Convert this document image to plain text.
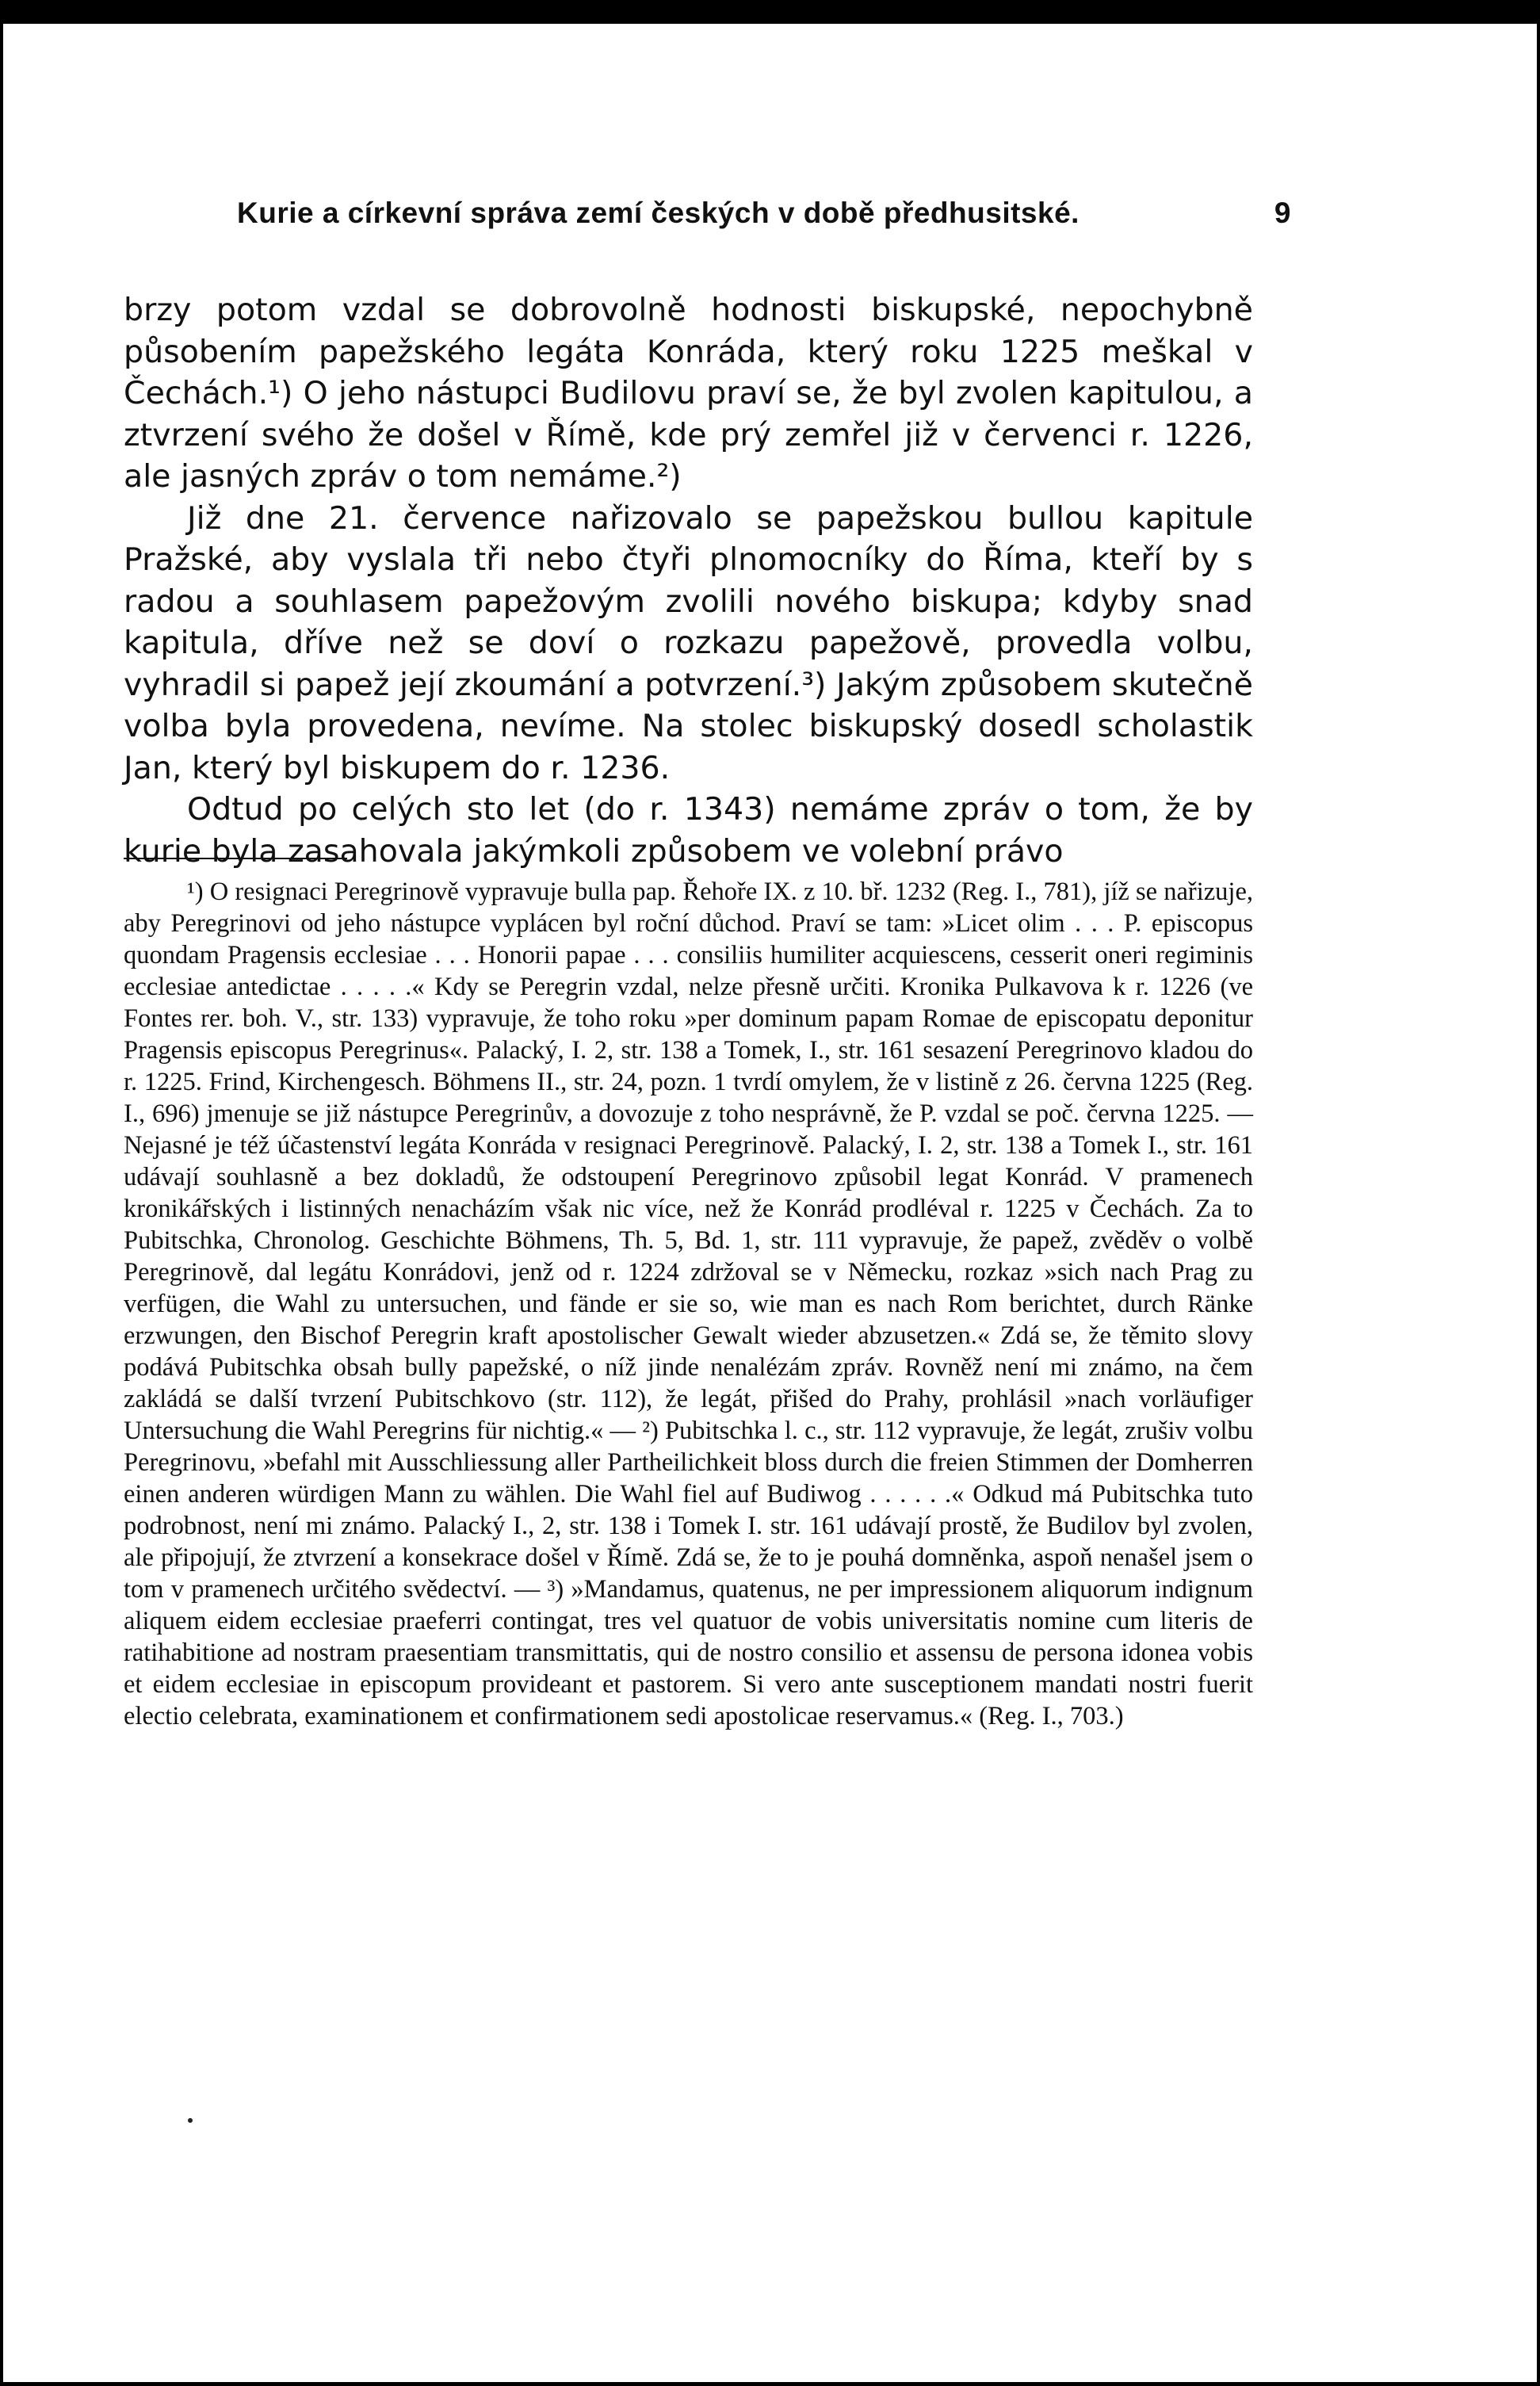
Kurie a církevní správa zemí českých v době předhusitské.	9

brzy potom vzdal se dobrovolně hodnosti biskupské, nepochybně působením papežského legáta Konráda, který roku 1225 meškal v Čechách.¹) O jeho nástupci Budilovu praví se, že byl zvolen kapitulou, a ztvrzení svého že došel v Římě, kde prý zemřel již v červenci r. 1226, ale jasných zpráv o tom nemáme.²)

Již dne 21. července nařizovalo se papežskou bullou kapitule Pražské, aby vyslala tři nebo čtyři plnomocníky do Říma, kteří by s radou a souhlasem papežovým zvolili nového biskupa; kdyby snad kapitula, dříve než se doví o rozkazu papežově, provedla volbu, vyhradil si papež její zkoumání a potvrzení.³) Jakým způsobem skutečně volba byla provedena, nevíme. Na stolec biskupský dosedl scholastik Jan, který byl biskupem do r. 1236.

Odtud po celých sto let (do r. 1343) nemáme zpráv o tom, že by kurie byla zasahovala jakýmkoli způsobem ve volební právo

¹) O resignaci Peregrinově vypravuje bulla pap. Řehoře IX. z 10. bř. 1232 (Reg. I., 781), jíž se nařizuje, aby Peregrinovi od jeho nástupce vyplácen byl roční důchod. Praví se tam: »Licet olim . . . P. episcopus quondam Pragensis ecclesiae . . . Honorii papae . . . consiliis humiliter acquiescens, cesserit oneri regiminis ecclesiae antedictae . . . . .« Kdy se Peregrin vzdal, nelze přesně určiti. Kronika Pulkavova k r. 1226 (ve Fontes rer. boh. V., str. 133) vypravuje, že toho roku »per dominum papam Romae de episcopatu deponitur Pragensis episcopus Peregrinus«. Palacký, I. 2, str. 138 a Tomek, I., str. 161 sesazení Peregrinovo kladou do r. 1225. Frind, Kirchengesch. Böhmens II., str. 24, pozn. 1 tvrdí omylem, že v listině z 26. června 1225 (Reg. I., 696) jmenuje se již nástupce Peregrinův, a dovozuje z toho nesprávně, že P. vzdal se poč. června 1225. — Nejasné je též účastenství legáta Konráda v resignaci Peregrinově. Palacký, I. 2, str. 138 a Tomek I., str. 161 udávají souhlasně a bez dokladů, že odstoupení Peregrinovo způsobil legat Konrád. V pramenech kronikářských i listinných nenacházím však nic více, než že Konrád prodléval r. 1225 v Čechách. Za to Pubitschka, Chronolog. Geschichte Böhmens, Th. 5, Bd. 1, str. 111 vypravuje, že papež, zvěděv o volbě Peregrinově, dal legátu Konrádovi, jenž od r. 1224 zdržoval se v Německu, rozkaz »sich nach Prag zu verfügen, die Wahl zu untersuchen, und fände er sie so, wie man es nach Rom berichtet, durch Ränke erzwungen, den Bischof Peregrin kraft apostolischer Gewalt wieder abzusetzen.« Zdá se, že těmito slovy podává Pubitschka obsah bully papežské, o níž jinde nenalézám zpráv. Rovněž není mi známo, na čem zakládá se další tvrzení Pubitschkovo (str. 112), že legát, přišed do Prahy, prohlásil »nach vorläufiger Untersuchung die Wahl Peregrins für nichtig.« — ²) Pubitschka l. c., str. 112 vypravuje, že legát, zrušiv volbu Peregrinovu, »befahl mit Ausschliessung aller Partheilichkeit bloss durch die freien Stimmen der Domherren einen anderen würdigen Mann zu wählen. Die Wahl fiel auf Budiwog . . . . . .« Odkud má Pubitschka tuto podrobnost, není mi známo. Palacký I., 2, str. 138 i Tomek I. str. 161 udávají prostě, že Budilov byl zvolen, ale připojují, že ztvrzení a konsekrace došel v Římě. Zdá se, že to je pouhá domněnka, aspoň nenašel jsem o tom v pramenech určitého svědectví. — ³) »Mandamus, quatenus, ne per impressionem aliquorum indignum aliquem eidem ecclesiae praeferri contingat, tres vel quatuor de vobis universitatis nomine cum literis de ratihabitione ad nostram praesentiam transmittatis, qui de nostro consilio et assensu de persona idonea vobis et eidem ecclesiae in episcopum provideant et pastorem. Si vero ante susceptionem mandati nostri fuerit electio celebrata, examinationem et confirmationem sedi apostolicae reservamus.« (Reg. I., 703.)
